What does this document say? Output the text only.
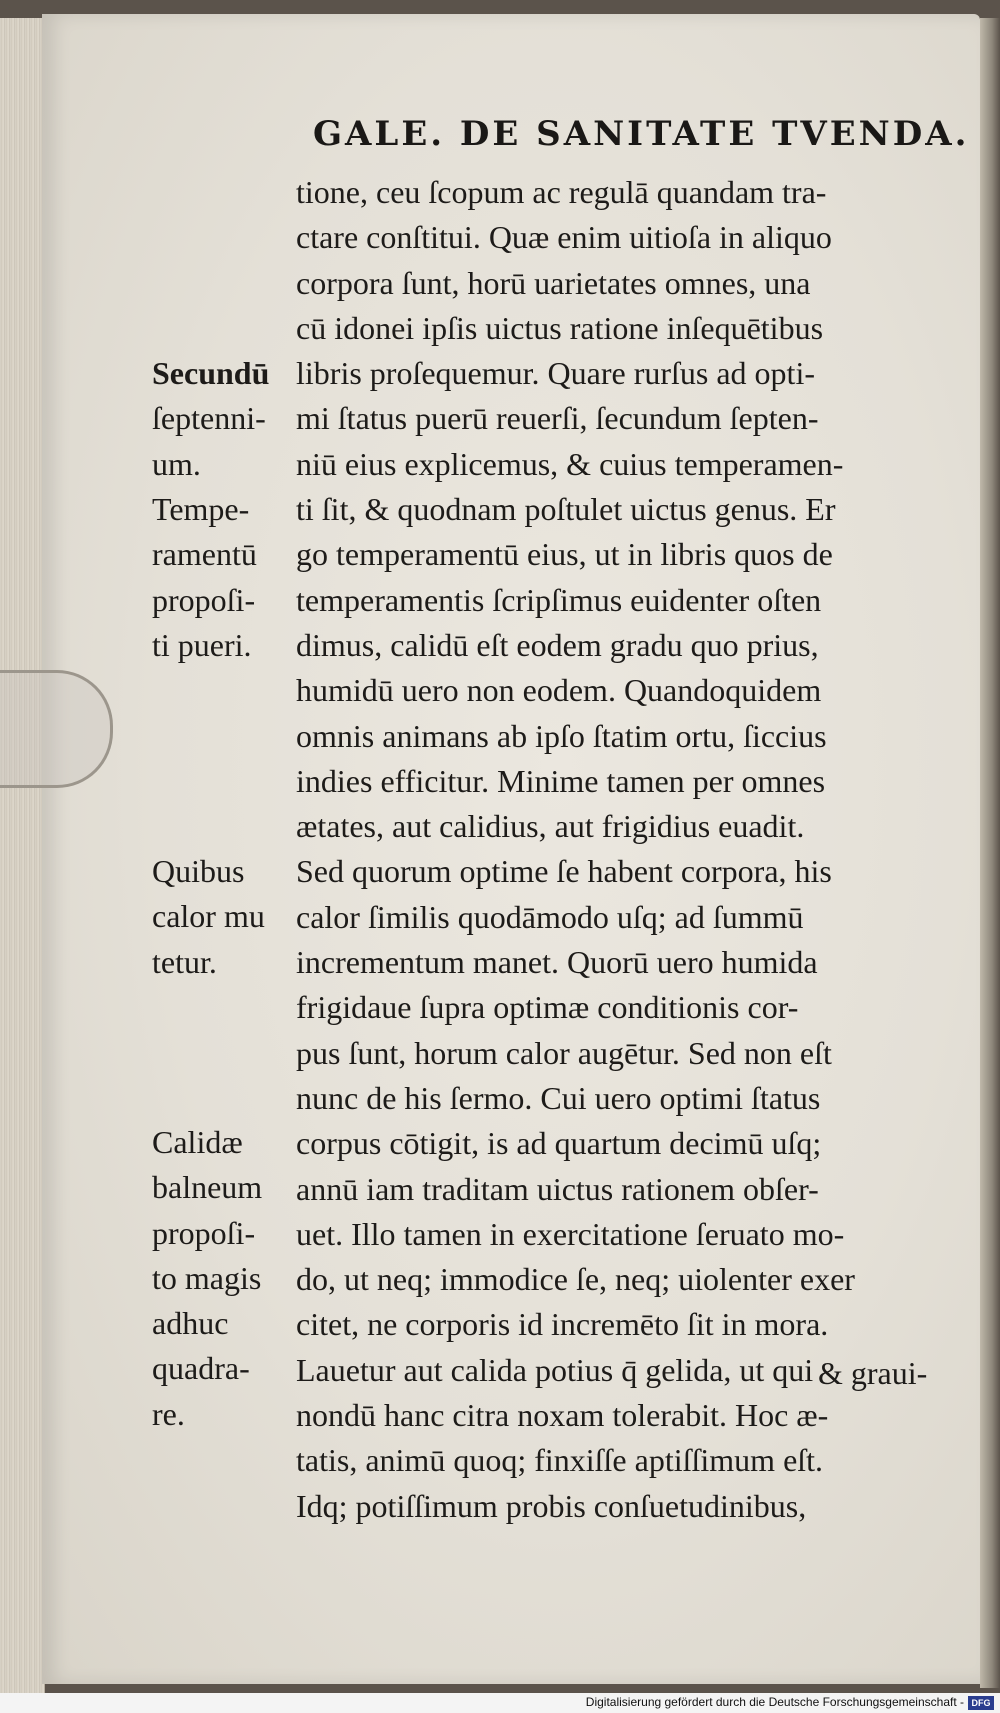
GALE. DE SANITATE TVENDA.
tione, ceu ſcopum ac regulā quandam tra-
ctare conſtitui. Quæ enim uitioſa in aliquo
corpora ſunt, horū uarietates omnes, una
cū idonei ipſis uictus ratione inſequētibus
libris proſequemur. Quare rurſus ad opti-
mi ſtatus puerū reuerſi, ſecundum ſepten-
niū eius explicemus, & cuius temperamen-
ti ſit, & quodnam poſtulet uictus genus. Er
go temperamentū eius, ut in libris quos de
temperamentis ſcripſimus euidenter oſten
dimus, calidū eſt eodem gradu quo prius,
humidū uero non eodem. Quandoquidem
omnis animans ab ipſo ſtatim ortu, ſiccius
indies efficitur. Minime tamen per omnes
ætates, aut calidius, aut frigidius euadit.
Sed quorum optime ſe habent corpora, his
calor ſimilis quodāmodo uſq; ad ſummū
incrementum manet. Quorū uero humida
frigidaue ſupra optimæ conditionis cor-
pus ſunt, horum calor augētur. Sed non eſt
nunc de his ſermo. Cui uero optimi ſtatus
corpus cōtigit, is ad quartum decimū uſq;
annū iam traditam uictus rationem obſer-
uet. Illo tamen in exercitatione ſeruato mo-
do, ut neq; immodice ſe, neq; uiolenter exer
citet, ne corporis id incremēto ſit in mora.
Lauetur aut calida potius q̄ gelida, ut qui
nondū hanc citra noxam tolerabit. Hoc æ-
tatis, animū quoq; finxiſſe aptiſſimum eſt.
Idq; potiſſimum probis conſuetudinibus,
Secundū
ſeptenni-
um.
Tempe-
ramentū
propoſi-
ti pueri.
Quibus
calor mu
tetur.
Calidæ
balneum
propoſi-
to magis
adhuc
quadra-
re.
& graui-
Digitalisierung gefördert durch die Deutsche Forschungsgemeinschaft - DFG
